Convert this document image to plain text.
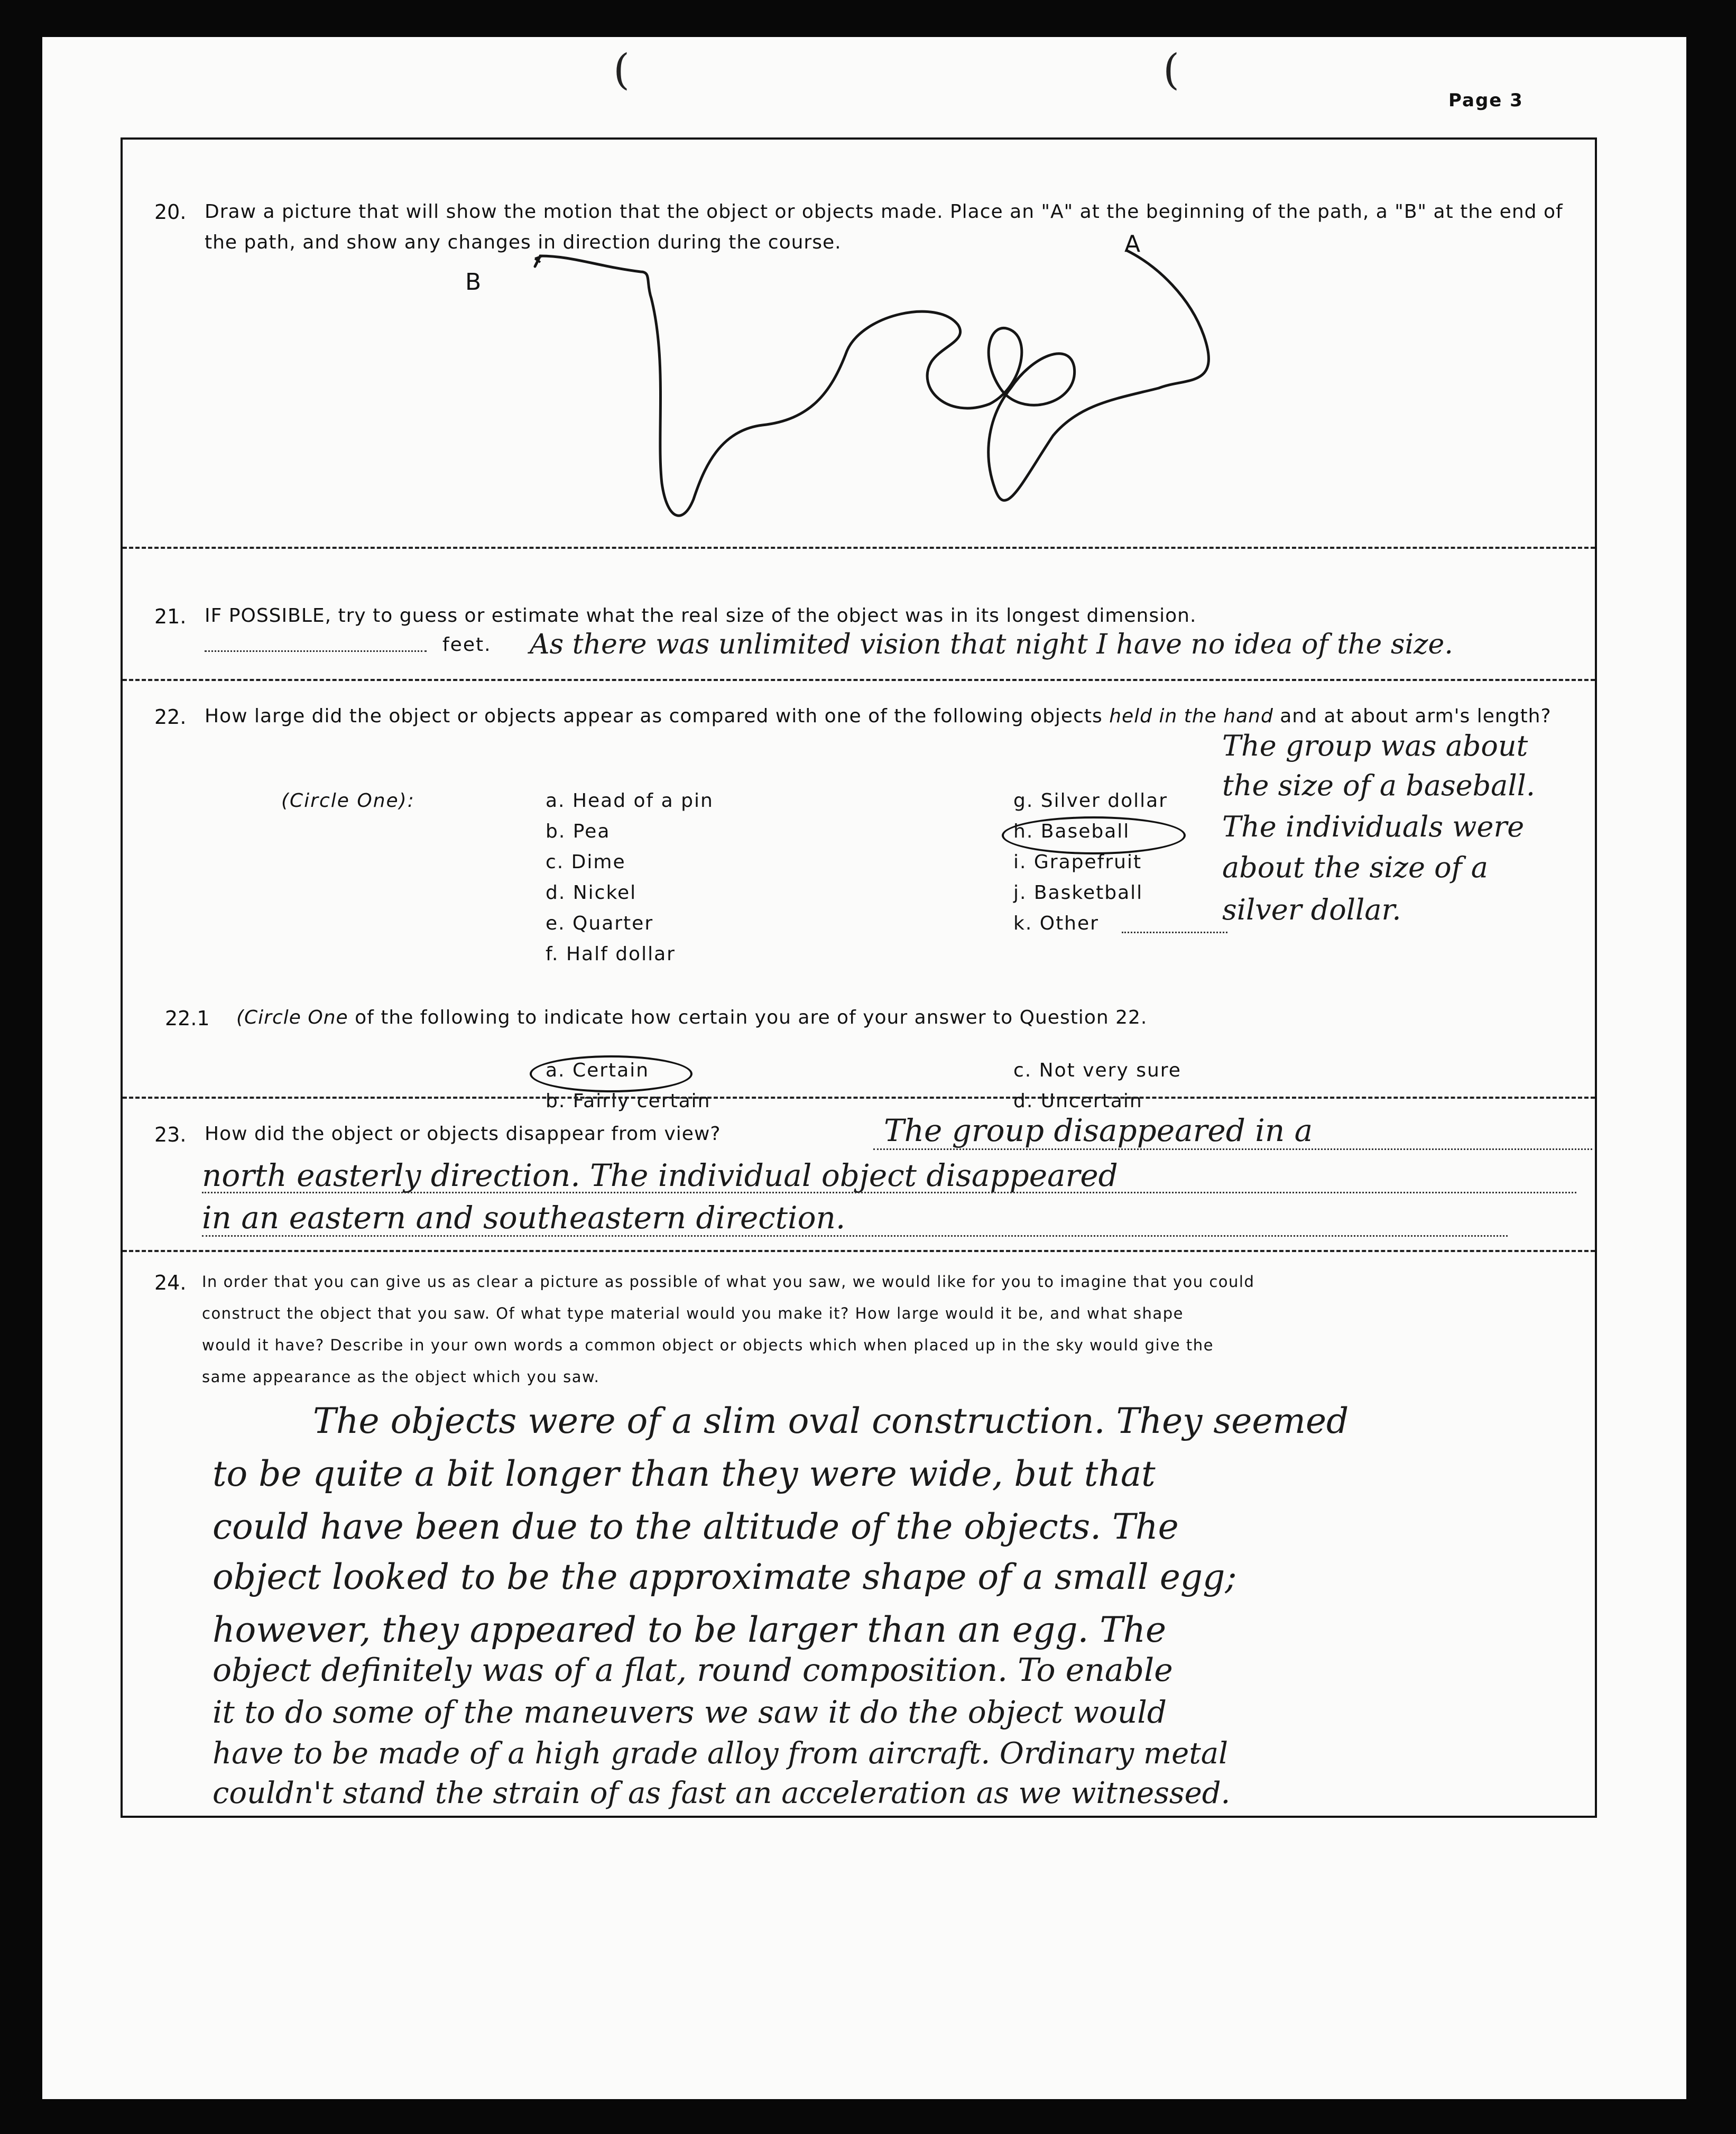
(	(
Page 3
20. Draw a picture that will show the motion that the object or objects made. Place an "A" at the beginning of the path, a "B" at the end of the path, and show any changes in direction during the course.	A
B
21. IF POSSIBLE, try to guess or estimate what the real size of the object was in its longest dimension.
feet. As there was unlimited vision that night I have no idea of the size.
22. How large did the object or objects appear as compared with one of the following objects held in the hand and at about arm's length?
(Circle One):	a. Head of a pin
b. Pea
c. Dime
d. Nickel
e. Quarter
f. Half dollar
g. Silver dollar
h. Baseball
i. Grapefruit
j. Basketball
k. Other
The group was about
the size of a baseball.
The individuals were
about the size of a
silver dollar.
22.1 (Circle One of the following to indicate how certain you are of your answer to Question 22.
a. Certain
b. Fairly certain
c. Not very sure
d. Uncertain
23. How did the object or objects disappear from view?	The group disappeared in a
north easterly direction. The individual object disappeared
in an eastern and southeastern direction.
24. In order that you can give us as clear a picture as possible of what you saw, we would like for you to imagine that you could
construct the object that you saw. Of what type material would you make it? How large would it be, and what shape
would it have? Describe in your own words a common object or objects which when placed up in the sky would give the
same appearance as the object which you saw.
The objects were of a slim oval construction. They seemed
to be quite a bit longer than they were wide, but that
could have been due to the altitude of the objects. The
object looked to be the approximate shape of a small egg;
however, they appeared to be larger than an egg. The
object definitely was of a flat, round composition. To enable
it to do some of the maneuvers we saw it do the object would
have to be made of a high grade alloy from aircraft. Ordinary metal
couldn't stand the strain of as fast an acceleration as we witnessed.
